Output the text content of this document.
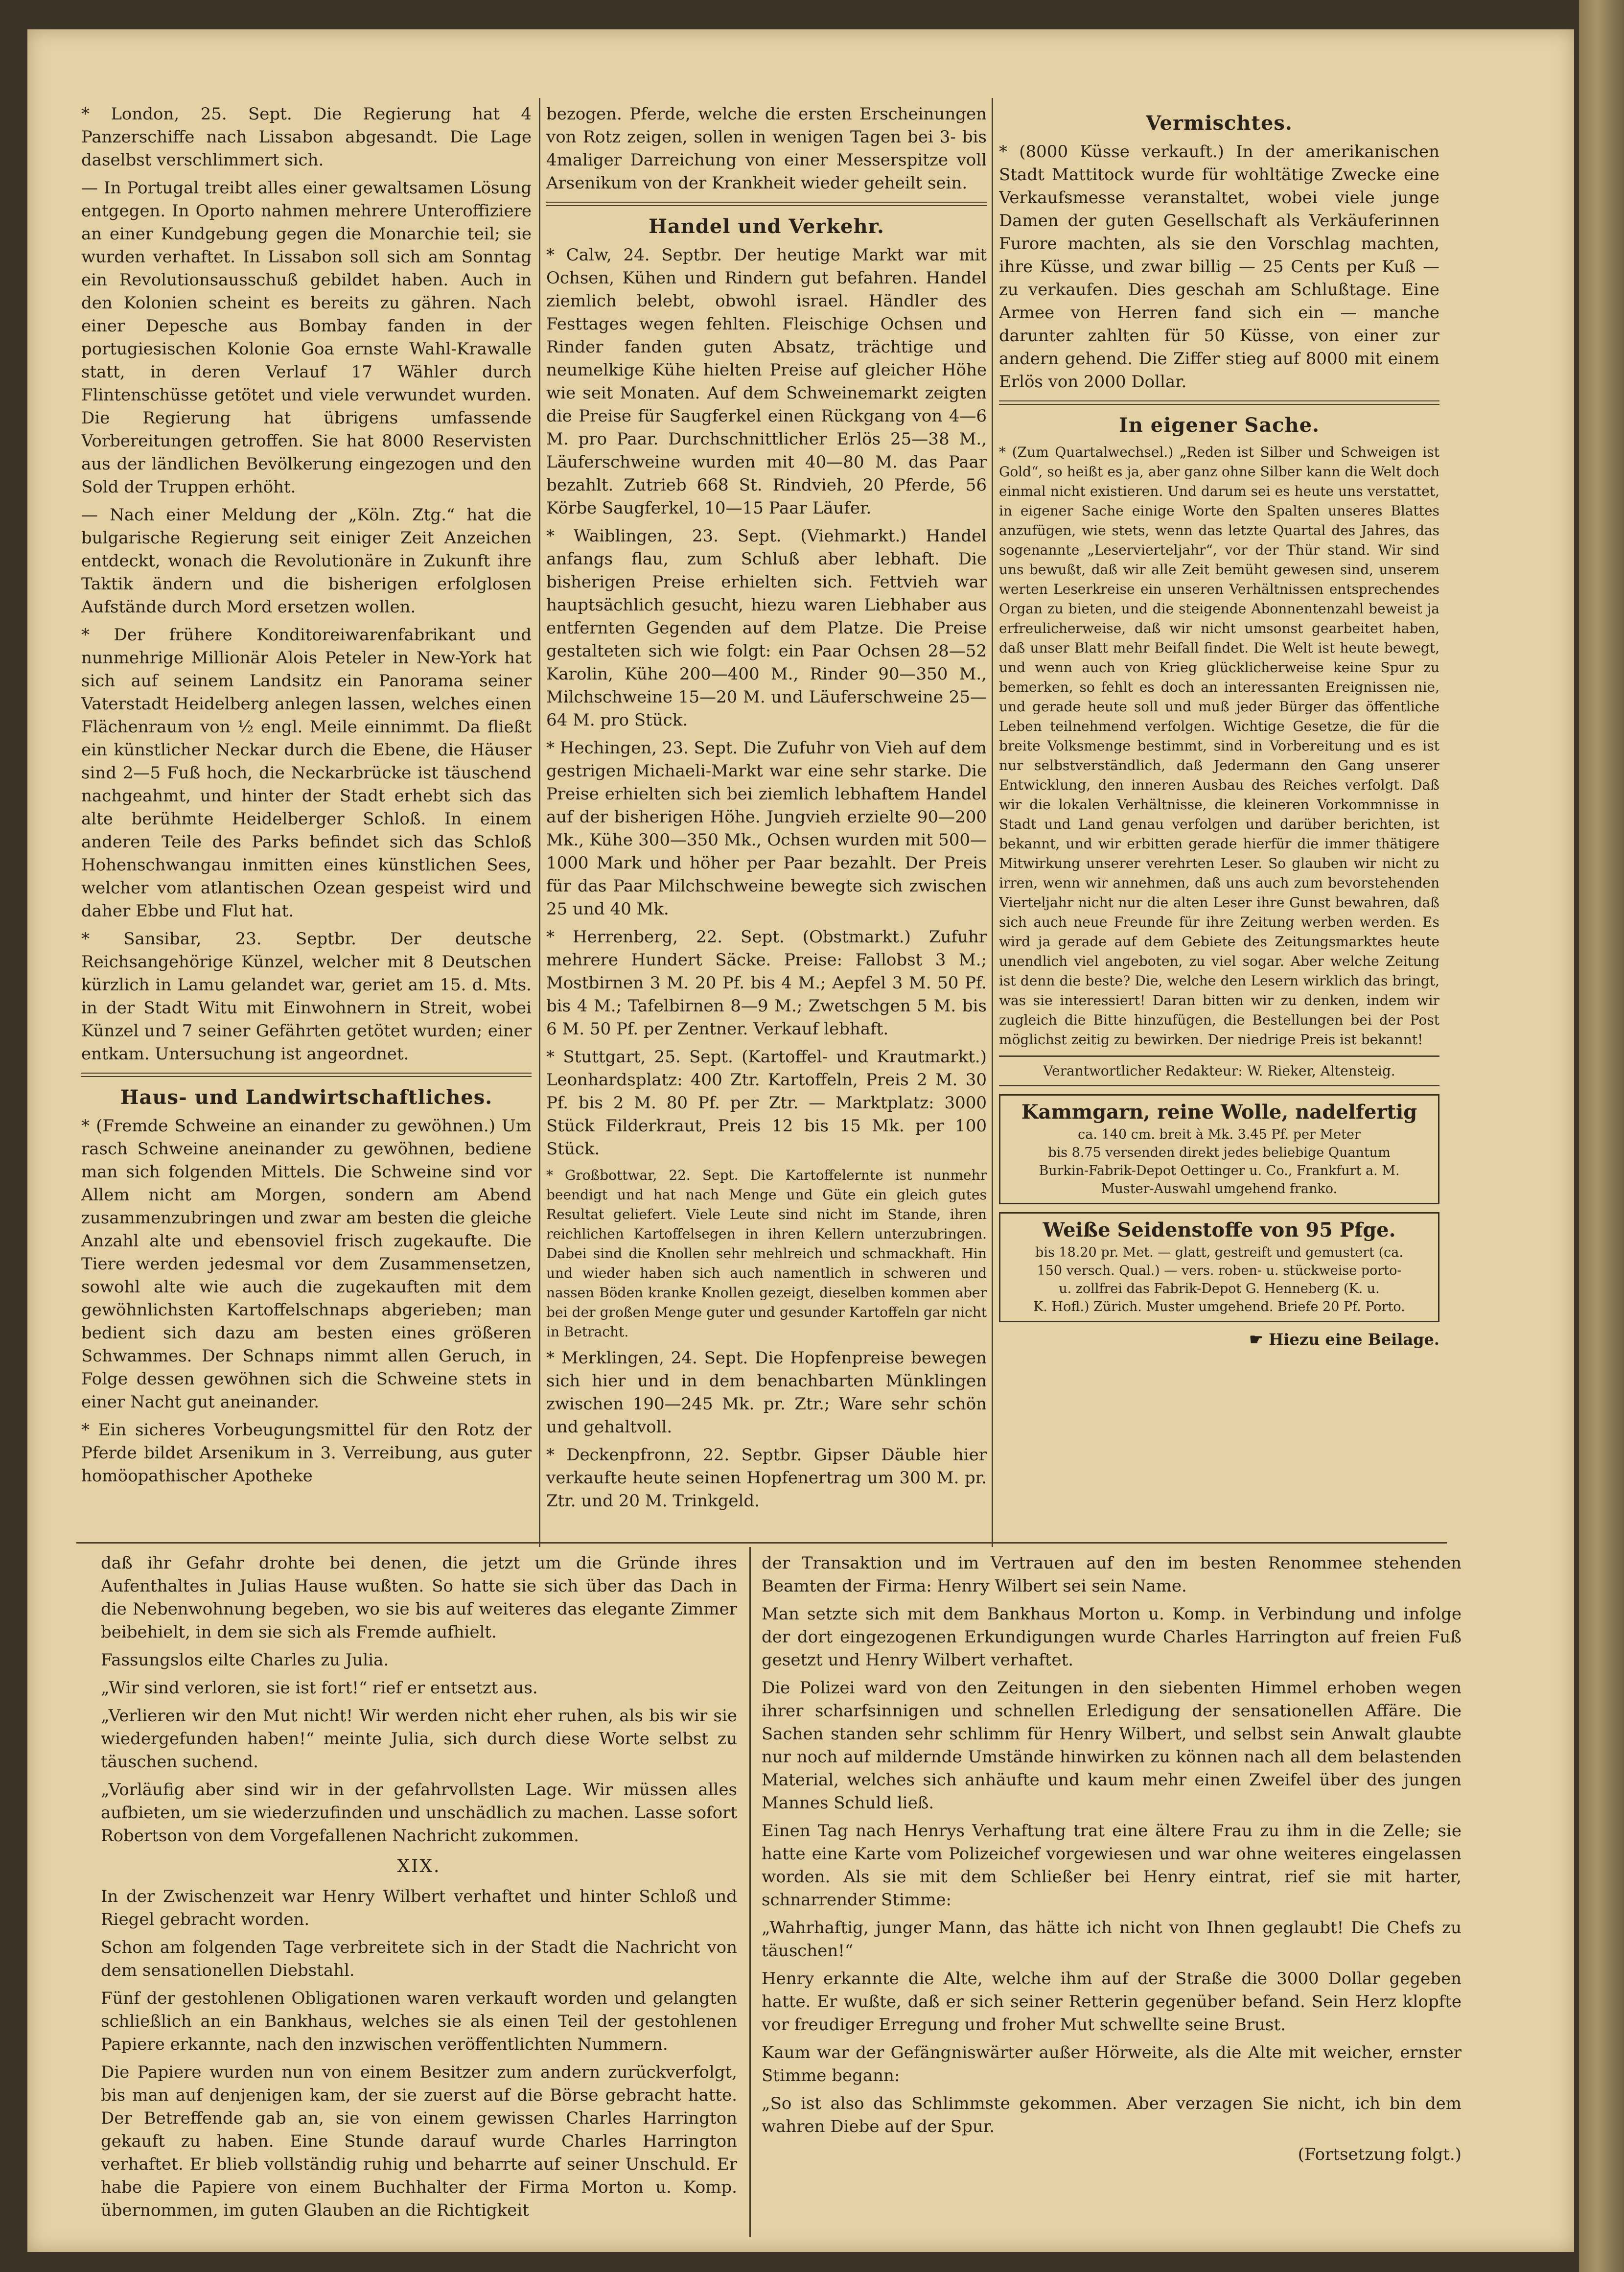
* London, 25. Sept. Die Regierung hat 4 Panzerschiffe nach Lissabon abgesandt. Die Lage daselbst verschlimmert sich.

— In Portugal treibt alles einer gewaltsamen Lösung entgegen. In Oporto nahmen mehrere Unteroffiziere an einer Kundgebung gegen die Monarchie teil; sie wurden verhaftet. In Lissabon soll sich am Sonntag ein Revolutionsausschuß gebildet haben. Auch in den Kolonien scheint es bereits zu gähren. Nach einer Depesche aus Bombay fanden in der portugiesischen Kolonie Goa ernste Wahl-Krawalle statt, in deren Verlauf 17 Wähler durch Flintenschüsse getötet und viele verwundet wurden. Die Regierung hat übrigens umfassende Vorbereitungen getroffen. Sie hat 8000 Reservisten aus der ländlichen Bevölkerung eingezogen und den Sold der Truppen erhöht.

— Nach einer Meldung der „Köln. Ztg.“ hat die bulgarische Regierung seit einiger Zeit Anzeichen entdeckt, wonach die Revolutionäre in Zukunft ihre Taktik ändern und die bisherigen erfolglosen Aufstände durch Mord ersetzen wollen.

* Der frühere Konditoreiwarenfabrikant und nunmehrige Millionär Alois Peteler in New-York hat sich auf seinem Landsitz ein Panorama seiner Vaterstadt Heidelberg anlegen lassen, welches einen Flächenraum von ½ engl. Meile einnimmt. Da fließt ein künstlicher Neckar durch die Ebene, die Häuser sind 2—5 Fuß hoch, die Neckarbrücke ist täuschend nachgeahmt, und hinter der Stadt erhebt sich das alte berühmte Heidelberger Schloß. In einem anderen Teile des Parks befindet sich das Schloß Hohenschwangau inmitten eines künstlichen Sees, welcher vom atlantischen Ozean gespeist wird und daher Ebbe und Flut hat.

* Sansibar, 23. Septbr. Der deutsche Reichsangehörige Künzel, welcher mit 8 Deutschen kürzlich in Lamu gelandet war, geriet am 15. d. Mts. in der Stadt Witu mit Einwohnern in Streit, wobei Künzel und 7 seiner Gefährten getötet wurden; einer entkam. Untersuchung ist angeordnet.

Haus- und Landwirtschaftliches.

* (Fremde Schweine an einander zu gewöhnen.) Um rasch Schweine aneinander zu gewöhnen, bediene man sich folgenden Mittels. Die Schweine sind vor Allem nicht am Morgen, sondern am Abend zusammenzubringen und zwar am besten die gleiche Anzahl alte und ebensoviel frisch zugekaufte. Die Tiere werden jedesmal vor dem Zusammensetzen, sowohl alte wie auch die zugekauften mit dem gewöhnlichsten Kartoffelschnaps abgerieben; man bedient sich dazu am besten eines größeren Schwammes. Der Schnaps nimmt allen Geruch, in Folge dessen gewöhnen sich die Schweine stets in einer Nacht gut aneinander.

* Ein sicheres Vorbeugungsmittel für den Rotz der Pferde bildet Arsenikum in 3. Verreibung, aus guter homöopathischer Apotheke

bezogen. Pferde, welche die ersten Erscheinungen von Rotz zeigen, sollen in wenigen Tagen bei 3- bis 4maliger Darreichung von einer Messerspitze voll Arsenikum von der Krankheit wieder geheilt sein.

Handel und Verkehr.

* Calw, 24. Septbr. Der heutige Markt war mit Ochsen, Kühen und Rindern gut befahren. Handel ziemlich belebt, obwohl israel. Händler des Festtages wegen fehlten. Fleischige Ochsen und Rinder fanden guten Absatz, trächtige und neumelkige Kühe hielten Preise auf gleicher Höhe wie seit Monaten. Auf dem Schweinemarkt zeigten die Preise für Saugferkel einen Rückgang von 4—6 M. pro Paar. Durchschnittlicher Erlös 25—38 M., Läuferschweine wurden mit 40—80 M. das Paar bezahlt. Zutrieb 668 St. Rindvieh, 20 Pferde, 56 Körbe Saugferkel, 10—15 Paar Läufer.

* Waiblingen, 23. Sept. (Viehmarkt.) Handel anfangs flau, zum Schluß aber lebhaft. Die bisherigen Preise erhielten sich. Fettvieh war hauptsächlich gesucht, hiezu waren Liebhaber aus entfernten Gegenden auf dem Platze. Die Preise gestalteten sich wie folgt: ein Paar Ochsen 28—52 Karolin, Kühe 200—400 M., Rinder 90—350 M., Milchschweine 15—20 M. und Läuferschweine 25—64 M. pro Stück.

* Hechingen, 23. Sept. Die Zufuhr von Vieh auf dem gestrigen Michaeli-Markt war eine sehr starke. Die Preise erhielten sich bei ziemlich lebhaftem Handel auf der bisherigen Höhe. Jungvieh erzielte 90—200 Mk., Kühe 300—350 Mk., Ochsen wurden mit 500—1000 Mark und höher per Paar bezahlt. Der Preis für das Paar Milchschweine bewegte sich zwischen 25 und 40 Mk.

* Herrenberg, 22. Sept. (Obstmarkt.) Zufuhr mehrere Hundert Säcke. Preise: Fallobst 3 M.; Mostbirnen 3 M. 20 Pf. bis 4 M.; Aepfel 3 M. 50 Pf. bis 4 M.; Tafelbirnen 8—9 M.; Zwetschgen 5 M. bis 6 M. 50 Pf. per Zentner. Verkauf lebhaft.

* Stuttgart, 25. Sept. (Kartoffel- und Krautmarkt.) Leonhardsplatz: 400 Ztr. Kartoffeln, Preis 2 M. 30 Pf. bis 2 M. 80 Pf. per Ztr. — Marktplatz: 3000 Stück Filderkraut, Preis 12 bis 15 Mk. per 100 Stück.

* Großbottwar, 22. Sept. Die Kartoffelernte ist nunmehr beendigt und hat nach Menge und Güte ein gleich gutes Resultat geliefert. Viele Leute sind nicht im Stande, ihren reichlichen Kartoffelsegen in ihren Kellern unterzubringen. Dabei sind die Knollen sehr mehlreich und schmackhaft. Hin und wieder haben sich auch namentlich in schweren und nassen Böden kranke Knollen gezeigt, dieselben kommen aber bei der großen Menge guter und gesunder Kartoffeln gar nicht in Betracht.

* Merklingen, 24. Sept. Die Hopfenpreise bewegen sich hier und in dem benachbarten Münklingen zwischen 190—245 Mk. pr. Ztr.; Ware sehr schön und gehaltvoll.

* Deckenpfronn, 22. Septbr. Gipser Däuble hier verkaufte heute seinen Hopfenertrag um 300 M. pr. Ztr. und 20 M. Trinkgeld.

Vermischtes.

* (8000 Küsse verkauft.) In der amerikanischen Stadt Mattitock wurde für wohltätige Zwecke eine Verkaufsmesse veranstaltet, wobei viele junge Damen der guten Gesellschaft als Verkäuferinnen Furore machten, als sie den Vorschlag machten, ihre Küsse, und zwar billig — 25 Cents per Kuß — zu verkaufen. Dies geschah am Schlußtage. Eine Armee von Herren fand sich ein — manche darunter zahlten für 50 Küsse, von einer zur andern gehend. Die Ziffer stieg auf 8000 mit einem Erlös von 2000 Dollar.

In eigener Sache.

* (Zum Quartalwechsel.) „Reden ist Silber und Schweigen ist Gold“, so heißt es ja, aber ganz ohne Silber kann die Welt doch einmal nicht existieren. Und darum sei es heute uns verstattet, in eigener Sache einige Worte den Spalten unseres Blattes anzufügen, wie stets, wenn das letzte Quartal des Jahres, das sogenannte „Leservierteljahr“, vor der Thür stand. Wir sind uns bewußt, daß wir alle Zeit bemüht gewesen sind, unserem werten Leserkreise ein unseren Verhältnissen entsprechendes Organ zu bieten, und die steigende Abonnentenzahl beweist ja erfreulicherweise, daß wir nicht umsonst gearbeitet haben, daß unser Blatt mehr Beifall findet. Die Welt ist heute bewegt, und wenn auch von Krieg glücklicherweise keine Spur zu bemerken, so fehlt es doch an interessanten Ereignissen nie, und gerade heute soll und muß jeder Bürger das öffentliche Leben teilnehmend verfolgen. Wichtige Gesetze, die für die breite Volksmenge bestimmt, sind in Vorbereitung und es ist nur selbstverständlich, daß Jedermann den Gang unserer Entwicklung, den inneren Ausbau des Reiches verfolgt. Daß wir die lokalen Verhältnisse, die kleineren Vorkommnisse in Stadt und Land genau verfolgen und darüber berichten, ist bekannt, und wir erbitten gerade hierfür die immer thätigere Mitwirkung unserer verehrten Leser. So glauben wir nicht zu irren, wenn wir annehmen, daß uns auch zum bevorstehenden Vierteljahr nicht nur die alten Leser ihre Gunst bewahren, daß sich auch neue Freunde für ihre Zeitung werben werden. Es wird ja gerade auf dem Gebiete des Zeitungsmarktes heute unendlich viel angeboten, zu viel sogar. Aber welche Zeitung ist denn die beste? Die, welche den Lesern wirklich das bringt, was sie interessiert! Daran bitten wir zu denken, indem wir zugleich die Bitte hinzufügen, die Bestellungen bei der Post möglichst zeitig zu bewirken. Der niedrige Preis ist bekannt!

Verantwortlicher Redakteur: W. Rieker, Altensteig.
Kammgarn, reine Wolle, nadelfertig

ca. 140 cm. breit à Mk. 3.45 Pf. per Meter

bis 8.75 versenden direkt jedes beliebige Quantum

Burkin-Fabrik-Depot Oettinger u. Co., Frankfurt a. M.

Muster-Auswahl umgehend franko.

Weiße Seidenstoffe von 95 Pfge.

bis 18.20 pr. Met. — glatt, gestreift und gemustert (ca.

150 versch. Qual.) — vers. roben- u. stückweise porto-

u. zollfrei das Fabrik-Depot G. Henneberg (K. u.

K. Hofl.) Zürich. Muster umgehend. Briefe 20 Pf. Porto.

☛ Hiezu eine Beilage.

daß ihr Gefahr drohte bei denen, die jetzt um die Gründe ihres Aufenthaltes in Julias Hause wußten. So hatte sie sich über das Dach in die Nebenwohnung begeben, wo sie bis auf weiteres das elegante Zimmer beibehielt, in dem sie sich als Fremde aufhielt.

Fassungslos eilte Charles zu Julia.

„Wir sind verloren, sie ist fort!“ rief er entsetzt aus.

„Verlieren wir den Mut nicht! Wir werden nicht eher ruhen, als bis wir sie wiedergefunden haben!“ meinte Julia, sich durch diese Worte selbst zu täuschen suchend.

„Vorläufig aber sind wir in der gefahrvollsten Lage. Wir müssen alles aufbieten, um sie wiederzufinden und unschädlich zu machen. Lasse sofort Robertson von dem Vorgefallenen Nachricht zukommen.

XIX.

In der Zwischenzeit war Henry Wilbert verhaftet und hinter Schloß und Riegel gebracht worden.

Schon am folgenden Tage verbreitete sich in der Stadt die Nachricht von dem sensationellen Diebstahl.

Fünf der gestohlenen Obligationen waren verkauft worden und gelangten schließlich an ein Bankhaus, welches sie als einen Teil der gestohlenen Papiere erkannte, nach den inzwischen veröffentlichten Nummern.

Die Papiere wurden nun von einem Besitzer zum andern zurückverfolgt, bis man auf denjenigen kam, der sie zuerst auf die Börse gebracht hatte. Der Betreffende gab an, sie von einem gewissen Charles Harrington gekauft zu haben. Eine Stunde darauf wurde Charles Harrington verhaftet. Er blieb vollständig ruhig und beharrte auf seiner Unschuld. Er habe die Papiere von einem Buchhalter der Firma Morton u. Komp. übernommen, im guten Glauben an die Richtigkeit

der Transaktion und im Vertrauen auf den im besten Renommee stehenden Beamten der Firma: Henry Wilbert sei sein Name.

Man setzte sich mit dem Bankhaus Morton u. Komp. in Verbindung und infolge der dort eingezogenen Erkundigungen wurde Charles Harrington auf freien Fuß gesetzt und Henry Wilbert verhaftet.

Die Polizei ward von den Zeitungen in den siebenten Himmel erhoben wegen ihrer scharfsinnigen und schnellen Erledigung der sensationellen Affäre. Die Sachen standen sehr schlimm für Henry Wilbert, und selbst sein Anwalt glaubte nur noch auf mildernde Umstände hinwirken zu können nach all dem belastenden Material, welches sich anhäufte und kaum mehr einen Zweifel über des jungen Mannes Schuld ließ.

Einen Tag nach Henrys Verhaftung trat eine ältere Frau zu ihm in die Zelle; sie hatte eine Karte vom Polizeichef vorgewiesen und war ohne weiteres eingelassen worden. Als sie mit dem Schließer bei Henry eintrat, rief sie mit harter, schnarrender Stimme:

„Wahrhaftig, junger Mann, das hätte ich nicht von Ihnen geglaubt! Die Chefs zu täuschen!“

Henry erkannte die Alte, welche ihm auf der Straße die 3000 Dollar gegeben hatte. Er wußte, daß er sich seiner Retterin gegenüber befand. Sein Herz klopfte vor freudiger Erregung und froher Mut schwellte seine Brust.

Kaum war der Gefängniswärter außer Hörweite, als die Alte mit weicher, ernster Stimme begann:

„So ist also das Schlimmste gekommen. Aber verzagen Sie nicht, ich bin dem wahren Diebe auf der Spur.

(Fortsetzung folgt.)
